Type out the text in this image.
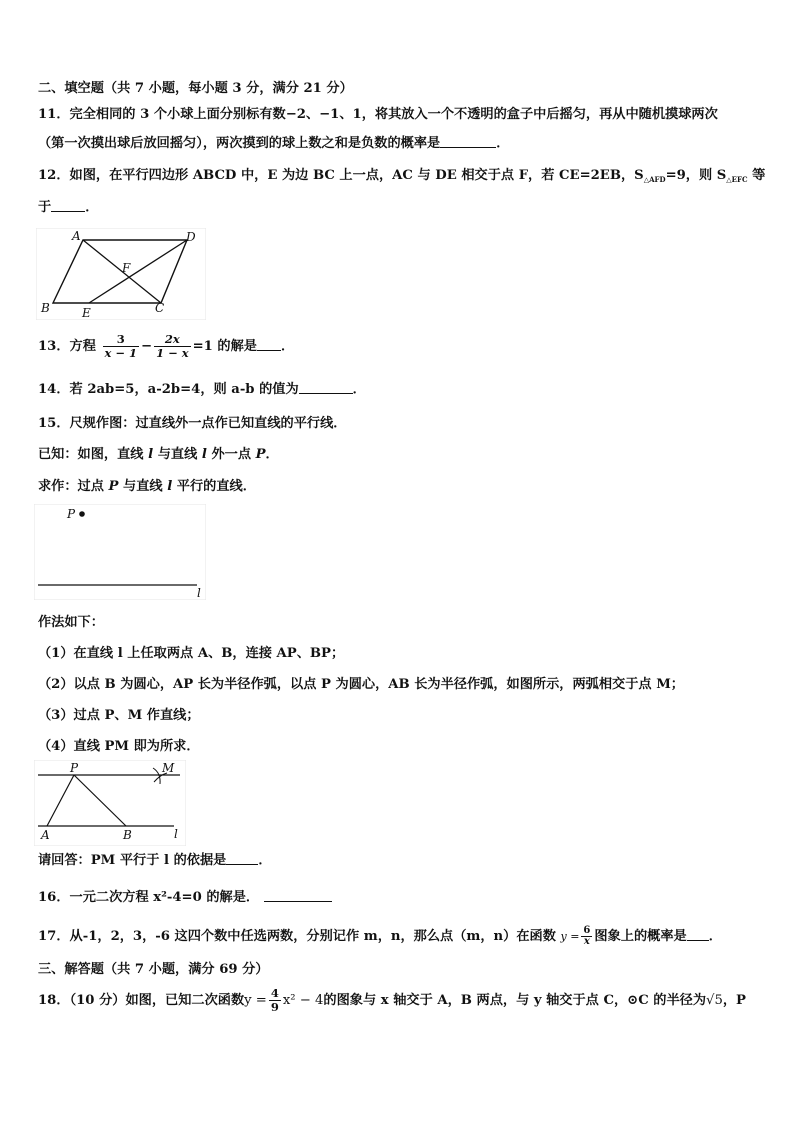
二、填空题（共 7 小题，每小题 3 分，满分 21 分）
11．完全相同的 3 个小球上面分别标有数−2、−1、1，将其放入一个不透明的盒子中后摇匀，再从中随机摸球两次
（第一次摸出球后放回摇匀），两次摸到的球上数之和是负数的概率是	．
12．如图，在平行四边形 ABCD 中，E 为边 BC 上一点，AC 与 DE 相交于点 F，若 CE=2EB，$S_{\triangle AFD}=9$，则 $S_{\triangle EFC}$ 等
于	．
A	D
F
B	E	C
13．方程 $\frac{3}{x - 1} - \frac{2x}{1 - x} =1$ 的解是 ．
14．若 2ab=5，a-2b=4，则 a-b 的值为	．
15．尺规作图：过直线外一点作已知直线的平行线．
已知：如图，直线 l 与直线 l 外一点 P．
求作：过点 P 与直线 l 平行的直线．
P
l
作法如下：
（1）在直线 l 上任取两点 A、B，连接 AP、BP；
（2）以点 B 为圆心，AP 长为半径作弧，以点 P 为圆心，AB 长为半径作弧，如图所示，两弧相交于点 M；
（3）过点 P、M 作直线；
（4）直线 PM 即为所求．
P	M
A	B	l
请回答：PM 平行于 l 的依据是 ．
16．一元二次方程 x²-4=0 的解是．
17．从-1，2，3，-6 这四个数中任选两数，分别记作 m，n，那么点（m，n）在函数 $y = \frac{6}{x}$ 图象上的概率是 ．
三、解答题（共 7 小题，满分 69 分）
18．（10 分）如图，已知二次函数$y = \frac{4}{9} x^2 - 4$的图象与 x 轴交于 A，B 两点，与 y 轴交于点 C，⊙C 的半径为√5，P
